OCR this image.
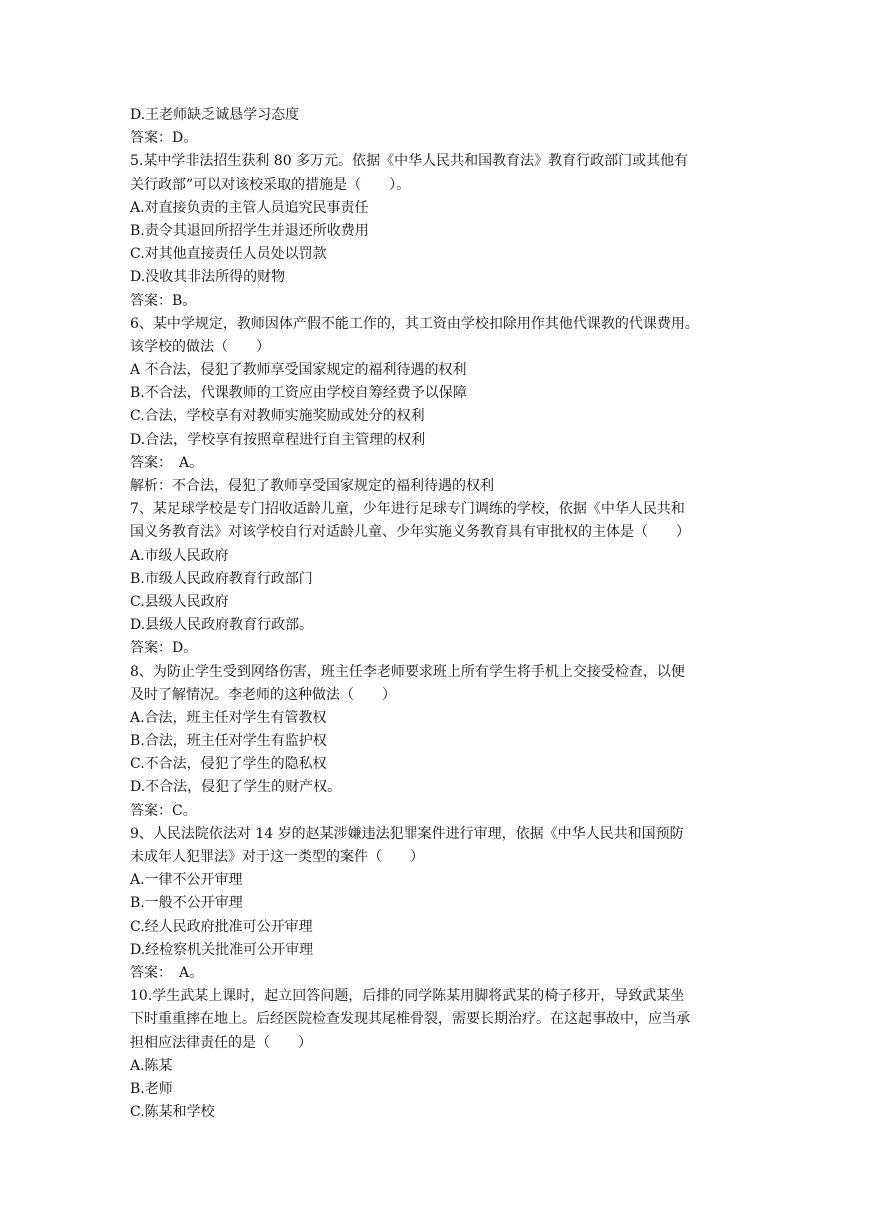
D.王老师缺乏诚恳学习态度
答案：D。
5.某中学非法招生获利 80 多万元。依据《中华人民共和国教育法》教育行政部门或其他有
关行政部”可以对该校采取的措施是（　　）。
A.对直接负责的主管人员追究民事责任
B.责令其退回所招学生并退还所收费用
C.对其他直接责任人员处以罚款
D.没收其非法所得的财物
答案：B。
6、某中学规定，教师因体产假不能工作的，其工资由学校扣除用作其他代课教的代课费用。
该学校的做法（　　）
A 不合法，侵犯了教师享受国家规定的福利待遇的权利
B.不合法，代课教师的工资应由学校自筹经费予以保障
C.合法，学校享有对教师实施奖励或处分的权利
D.合法，学校享有按照章程进行自主管理的权利
答案：　A。
解析：不合法，侵犯了教师享受国家规定的福利待遇的权利
7、某足球学校是专门招收适龄儿童，少年进行足球专门调练的学校，依据《中华人民共和
国义务教育法》对该学校自行对适龄儿童、少年实施义务教育具有审批权的主体是（　　）
A.市级人民政府
B.市级人民政府教育行政部门
C.县级人民政府
D.县级人民政府教育行政部。
答案：D。
8、为防止学生受到网络伤害，班主任李老师要求班上所有学生将手机上交接受检查，以便
及时了解情况。李老师的这种做法（　　）
A.合法，班主任对学生有管教权
B.合法，班主任对学生有监护权
C.不合法，侵犯了学生的隐私权
D.不合法，侵犯了学生的财产权。
答案：C。
9、人民法院依法对 14 岁的赵某涉嫌违法犯罪案件进行审理，依据《中华人民共和国预防
未成年人犯罪法》对于这一类型的案件（　　）
A.一律不公开审理
B.一般不公开审理
C.经人民政府批准可公开审理
D.经检察机关批准可公开审理
答案：　A。
10.学生武某上课时，起立回答问题，后排的同学陈某用脚将武某的椅子移开，导致武某坐
下时重重摔在地上。后经医院检查发现其尾椎骨裂，需要长期治疗。在这起事故中，应当承
担相应法律责任的是（　　）
A.陈某
B.老师
C.陈某和学校
